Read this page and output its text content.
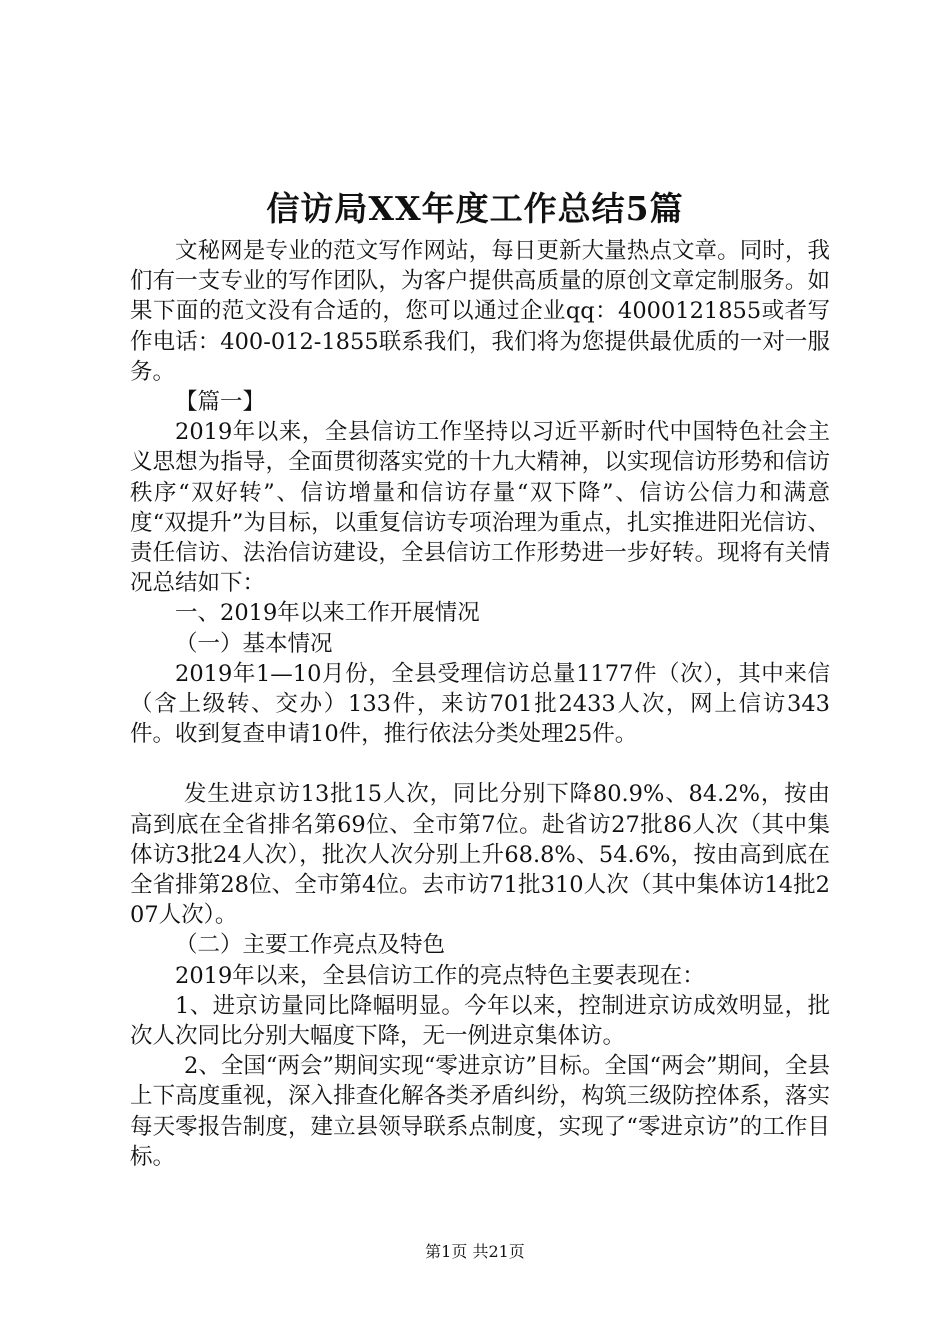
信访局XX年度工作总结5篇

文秘网是专业的范文写作网站，每日更新大量热点文章。同时，我们有一支专业的写作团队，为客户提供高质量的原创文章定制服务。如果下面的范文没有合适的，您可以通过企业qq：4000121855或者写作电话：400-012-1855联系我们，我们将为您提供最优质的一对一服务。

【篇一】

2019年以来，全县信访工作坚持以习近平新时代中国特色社会主义思想为指导，全面贯彻落实党的十九大精神，以实现信访形势和信访秩序“双好转”、信访增量和信访存量“双下降”、信访公信力和满意度“双提升”为目标，以重复信访专项治理为重点，扎实推进阳光信访、责任信访、法治信访建设，全县信访工作形势进一步好转。现将有关情况总结如下：

一、2019年以来工作开展情况

（一）基本情况

2019年1—10月份，全县受理信访总量1177件（次），其中来信（含上级转、交办）133件，来访701批2433人次，网上信访343件。收到复查申请10件，推行依法分类处理25件。

发生进京访13批15人次，同比分别下降80.9%、84.2%，按由高到底在全省排名第69位、全市第7位。赴省访27批86人次（其中集体访3批24人次），批次人次分别上升68.8%、54.6%，按由高到底在全省排第28位、全市第4位。去市访71批310人次（其中集体访14批207人次）。

（二）主要工作亮点及特色

2019年以来，全县信访工作的亮点特色主要表现在：

1、进京访量同比降幅明显。今年以来，控制进京访成效明显，批次人次同比分别大幅度下降，无一例进京集体访。

2、全国“两会”期间实现“零进京访”目标。全国“两会”期间，全县上下高度重视，深入排查化解各类矛盾纠纷，构筑三级防控体系，落实每天零报告制度，建立县领导联系点制度，实现了“零进京访”的工作目标。

第1页 共21页
